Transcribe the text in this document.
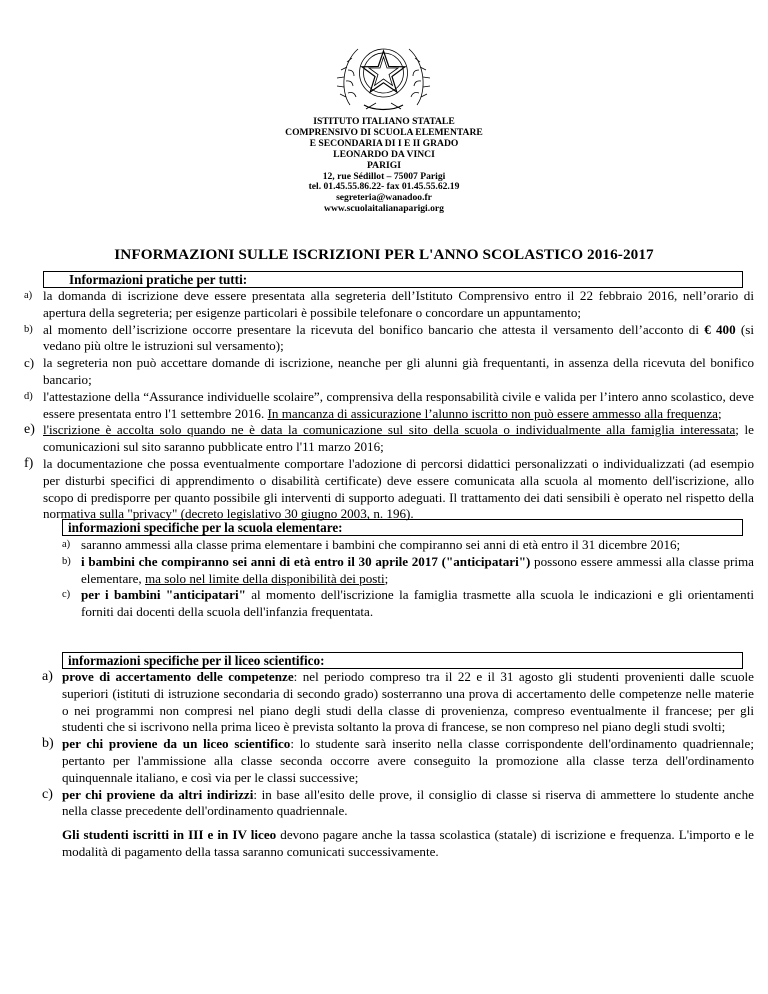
ISTITUTO ITALIANO STATALE
COMPRENSIVO DI SCUOLA ELEMENTARE
E SECONDARIA DI I E II GRADO
LEONARDO DA VINCI
PARIGI
12, rue Sédillot – 75007 Parigi
tel. 01.45.55.86.22- fax 01.45.55.62.19
segreteria@wanadoo.fr
www.scuolaitalianaparigi.org
INFORMAZIONI SULLE ISCRIZIONI PER L'ANNO SCOLASTICO 2016-2017
Informazioni pratiche per tutti:
a) la domanda di iscrizione deve essere presentata alla segreteria dell’Istituto Comprensivo entro il 22 febbraio 2016, nell’orario di apertura della segreteria; per esigenze particolari è possibile telefonare o concordare un appuntamento;
b) al momento dell’iscrizione occorre presentare la ricevuta del bonifico bancario che attesta il versamento dell’acconto di € 400 (si vedano più oltre le istruzioni sul versamento);
c) la segreteria non può accettare domande di iscrizione, neanche per gli alunni già frequentanti, in assenza della ricevuta del bonifico bancario;
d) l'attestazione della “Assurance individuelle scolaire”, comprensiva della responsabilità civile e valida per l’intero anno scolastico, deve essere presentata entro l'1 settembre 2016. In mancanza di assicurazione l’alunno iscritto non può essere ammesso alla frequenza;
e) l'iscrizione è accolta solo quando ne è data la comunicazione sul sito della scuola o individualmente alla famiglia interessata; le comunicazioni sul sito saranno pubblicate entro l'11 marzo 2016;
f) la documentazione che possa eventualmente comportare l'adozione di percorsi didattici personalizzati o individualizzati (ad esempio per disturbi specifici di apprendimento o disabilità certificate) deve essere comunicata alla scuola al momento dell'iscrizione, allo scopo di predisporre per quanto possibile gli interventi di supporto adeguati. Il trattamento dei dati sensibili è operato nel rispetto della normativa sulla "privacy" (decreto legislativo 30 giugno 2003, n. 196).
informazioni specifiche per la scuola elementare:
a) saranno ammessi alla classe prima elementare i bambini che compiranno sei anni di età entro il 31 dicembre 2016;
b) i bambini che compiranno sei anni di età entro il 30 aprile 2017 ("anticipatari") possono essere ammessi alla classe prima elementare, ma solo nel limite della disponibilità dei posti;
c) per i bambini "anticipatari" al momento dell'iscrizione la famiglia trasmette alla scuola le indicazioni e gli orientamenti forniti dai docenti della scuola dell'infanzia frequentata.
informazioni specifiche per il liceo scientifico:
a) prove di accertamento delle competenze: nel periodo compreso tra il 22 e il 31 agosto gli studenti provenienti dalle scuole superiori (istituti di istruzione secondaria di secondo grado) sosterranno una prova di accertamento delle competenze nelle materie o nei programmi non compresi nel piano degli studi della classe di provenienza, compreso eventualmente il francese; per gli studenti che si iscrivono nella prima liceo è prevista soltanto la prova di francese, se non compreso nel piano degli studi svolti;
b) per chi proviene da un liceo scientifico: lo studente sarà inserito nella classe corrispondente dell'ordinamento quadriennale; pertanto per l'ammissione alla classe seconda occorre avere conseguito la promozione alla classe terza dell'ordinamento quinquennale italiano, e così via per le classi successive;
c) per chi proviene da altri indirizzi: in base all'esito delle prove, il consiglio di classe si riserva di ammettere lo studente anche nella classe precedente dell'ordinamento quadriennale.
Gli studenti iscritti in III e in IV liceo devono pagare anche la tassa scolastica (statale) di iscrizione e frequenza. L'importo e le modalità di pagamento della tassa saranno comunicati successivamente.
